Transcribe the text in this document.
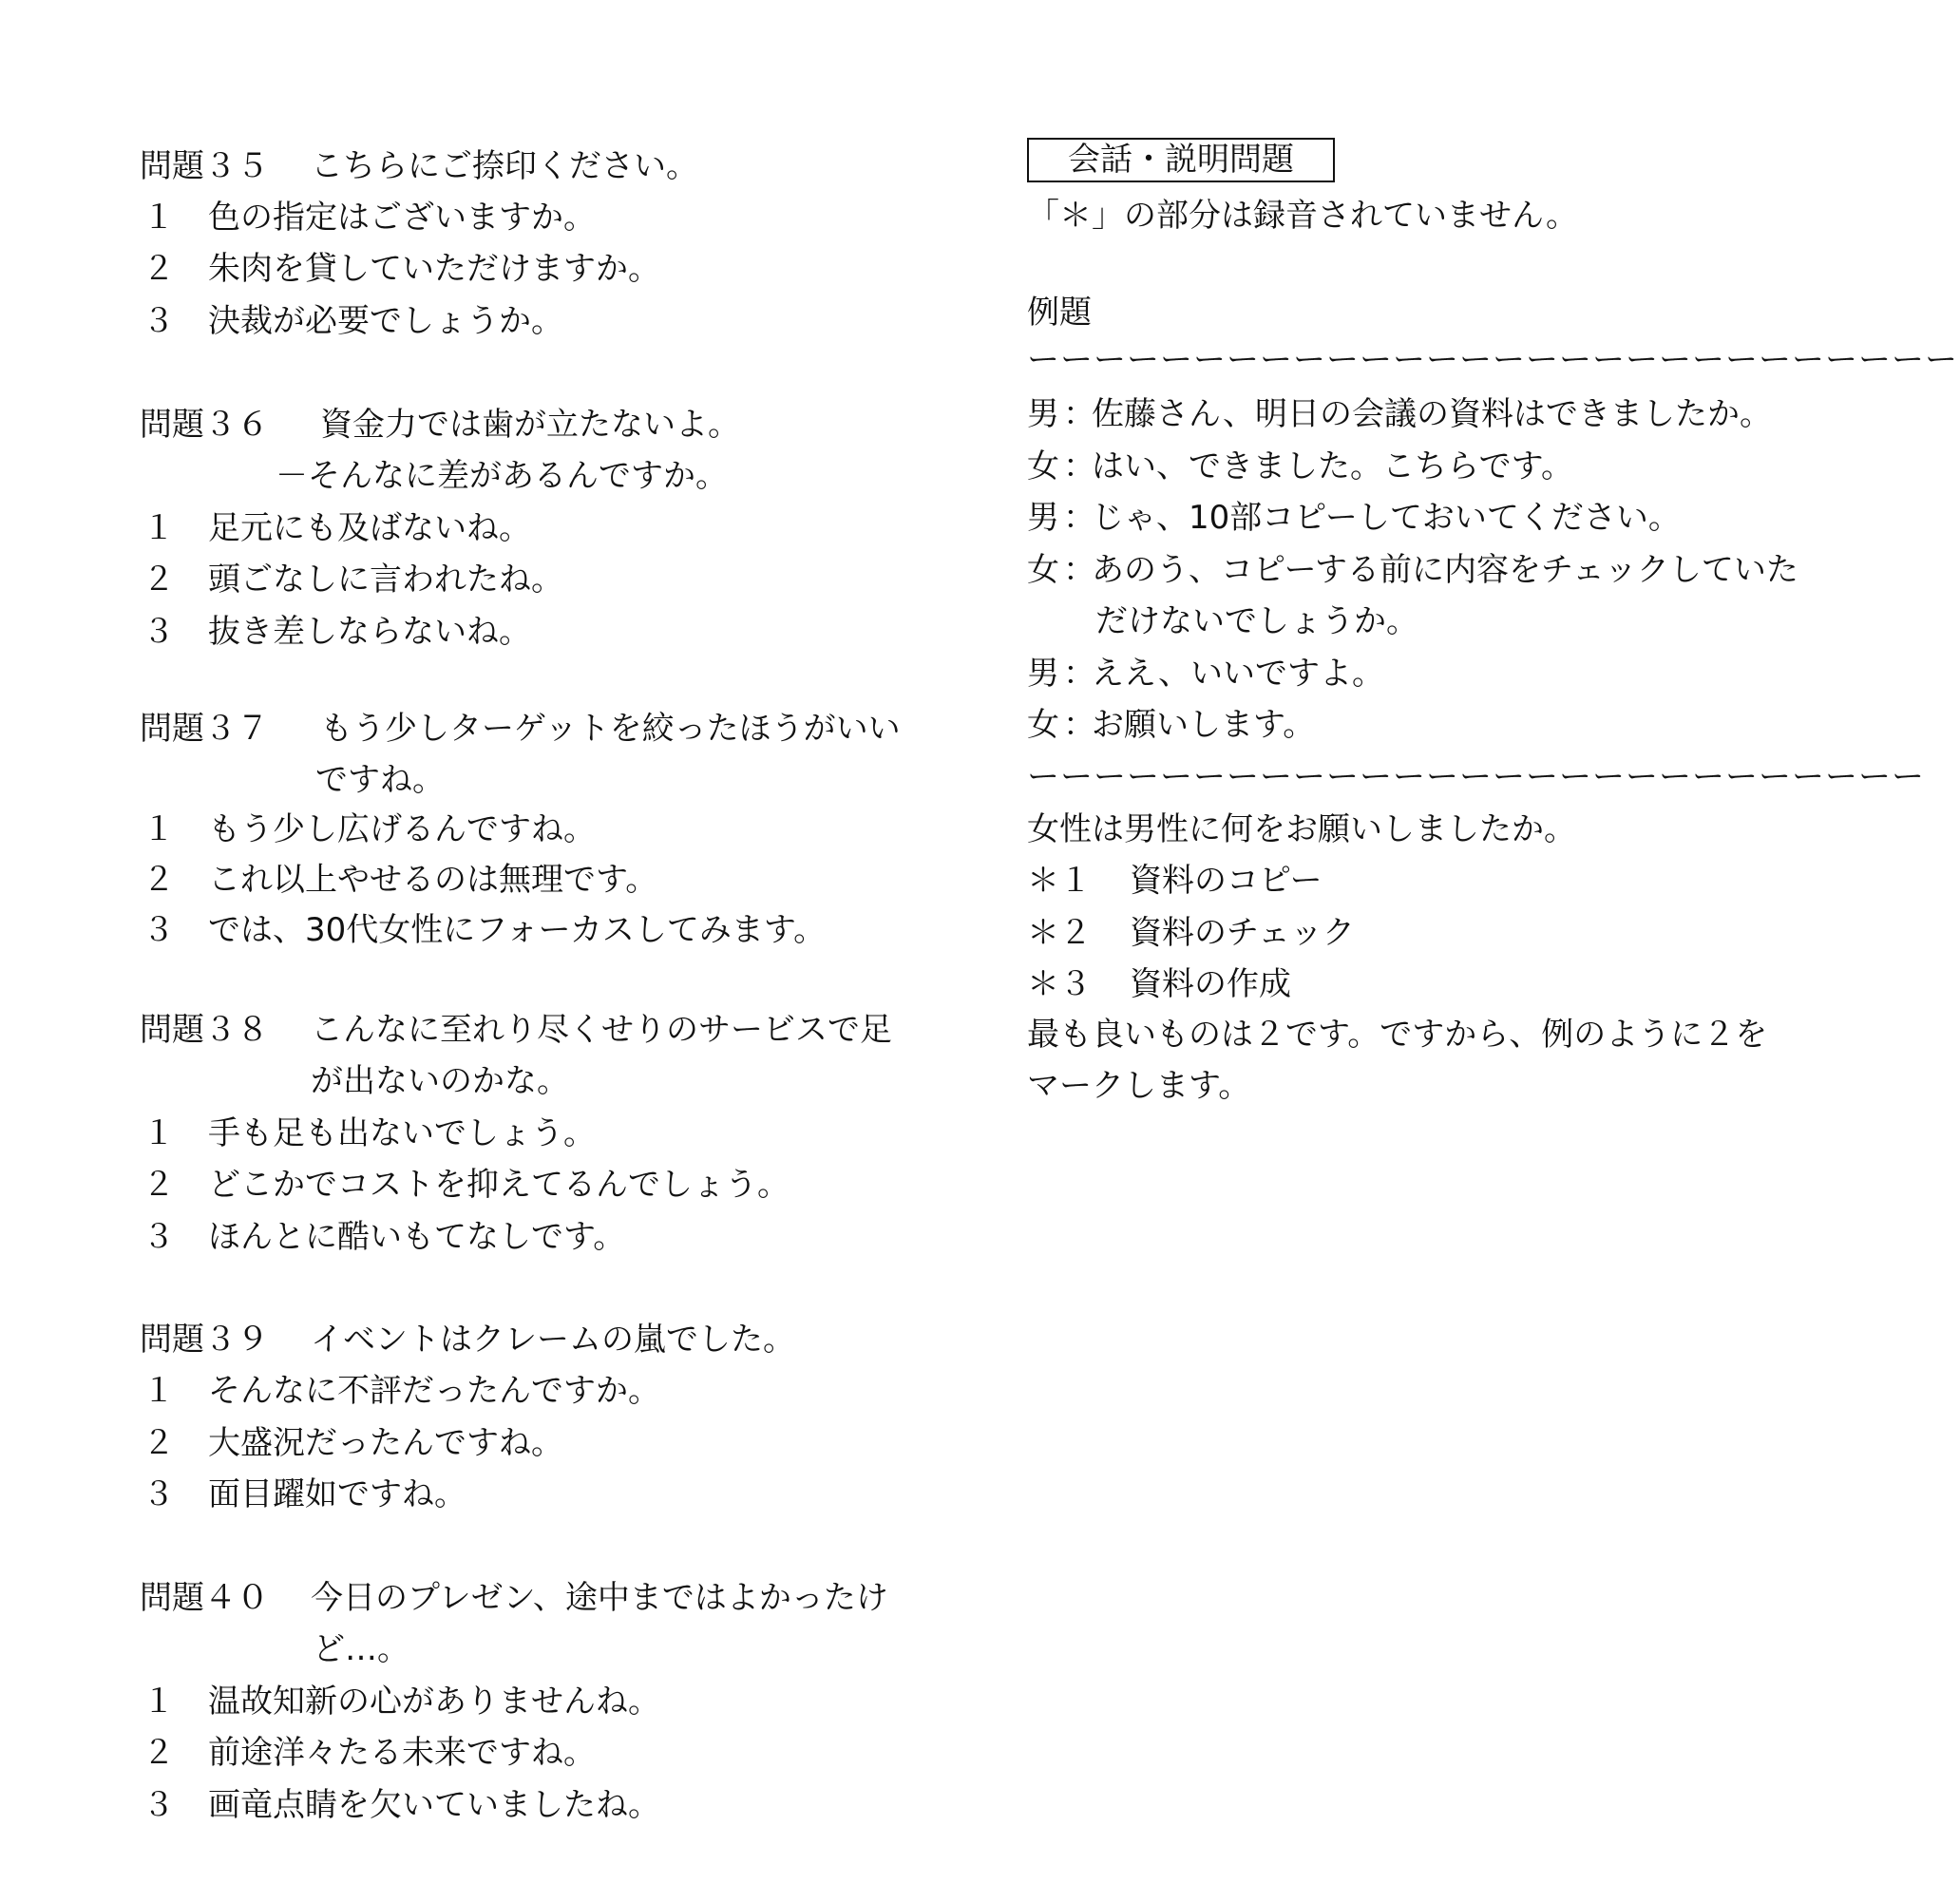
問題３５ こちらにご捺印ください。
１ 色の指定はございますか。
２ 朱肉を貸していただけますか。
３ 決裁が必要でしょうか。
問題３６ 資金力では歯が立たないよ。
－そんなに差があるんですか。
１ 足元にも及ばないね。
２ 頭ごなしに言われたね。
３ 抜き差しならないね。
問題３７ もう少しターゲットを絞ったほうがいい
ですね。
１ もう少し広げるんですね。
２ これ以上やせるのは無理です。
３ では、30代女性にフォーカスしてみます。
問題３８ こんなに至れり尽くせりのサービスで足
が出ないのかな。
１ 手も足も出ないでしょう。
２ どこかでコストを抑えてるんでしょう。
３ ほんとに酷いもてなしです。
問題３９ イベントはクレームの嵐でした。
１ そんなに不評だったんですか。
２ 大盛況だったんですね。
３ 面目躍如ですね。
問題４０ 今日のプレゼン、途中まではよかったけ
ど…。
１ 温故知新の心がありませんね。
２ 前途洋々たる未来ですね。
３ 画竜点睛を欠いていましたね。
会話・説明問題
「＊」の部分は録音されていません。
例題
ーーーーーーーーーーーーーーーーーーーーーーーーーーーー
男 ：
佐藤さん、明日の会議の資料はできましたか。
女 ：
はい、できました。こちらです。
男 ：
じゃ、10部コピーしておいてください。
女 ：
あのう、コピーする前に内容をチェックしていた
だけないでしょうか。
男 ：
ええ、いいですよ。
女 ：
お願いします。
ーーーーーーーーーーーーーーーーーーーーーーーーーーー
女性は男性に何をお願いしましたか。
＊１ 資料のコピー
＊２ 資料のチェック
＊３ 資料の作成
最も良いものは２です。ですから、例のように２を
マークします。
